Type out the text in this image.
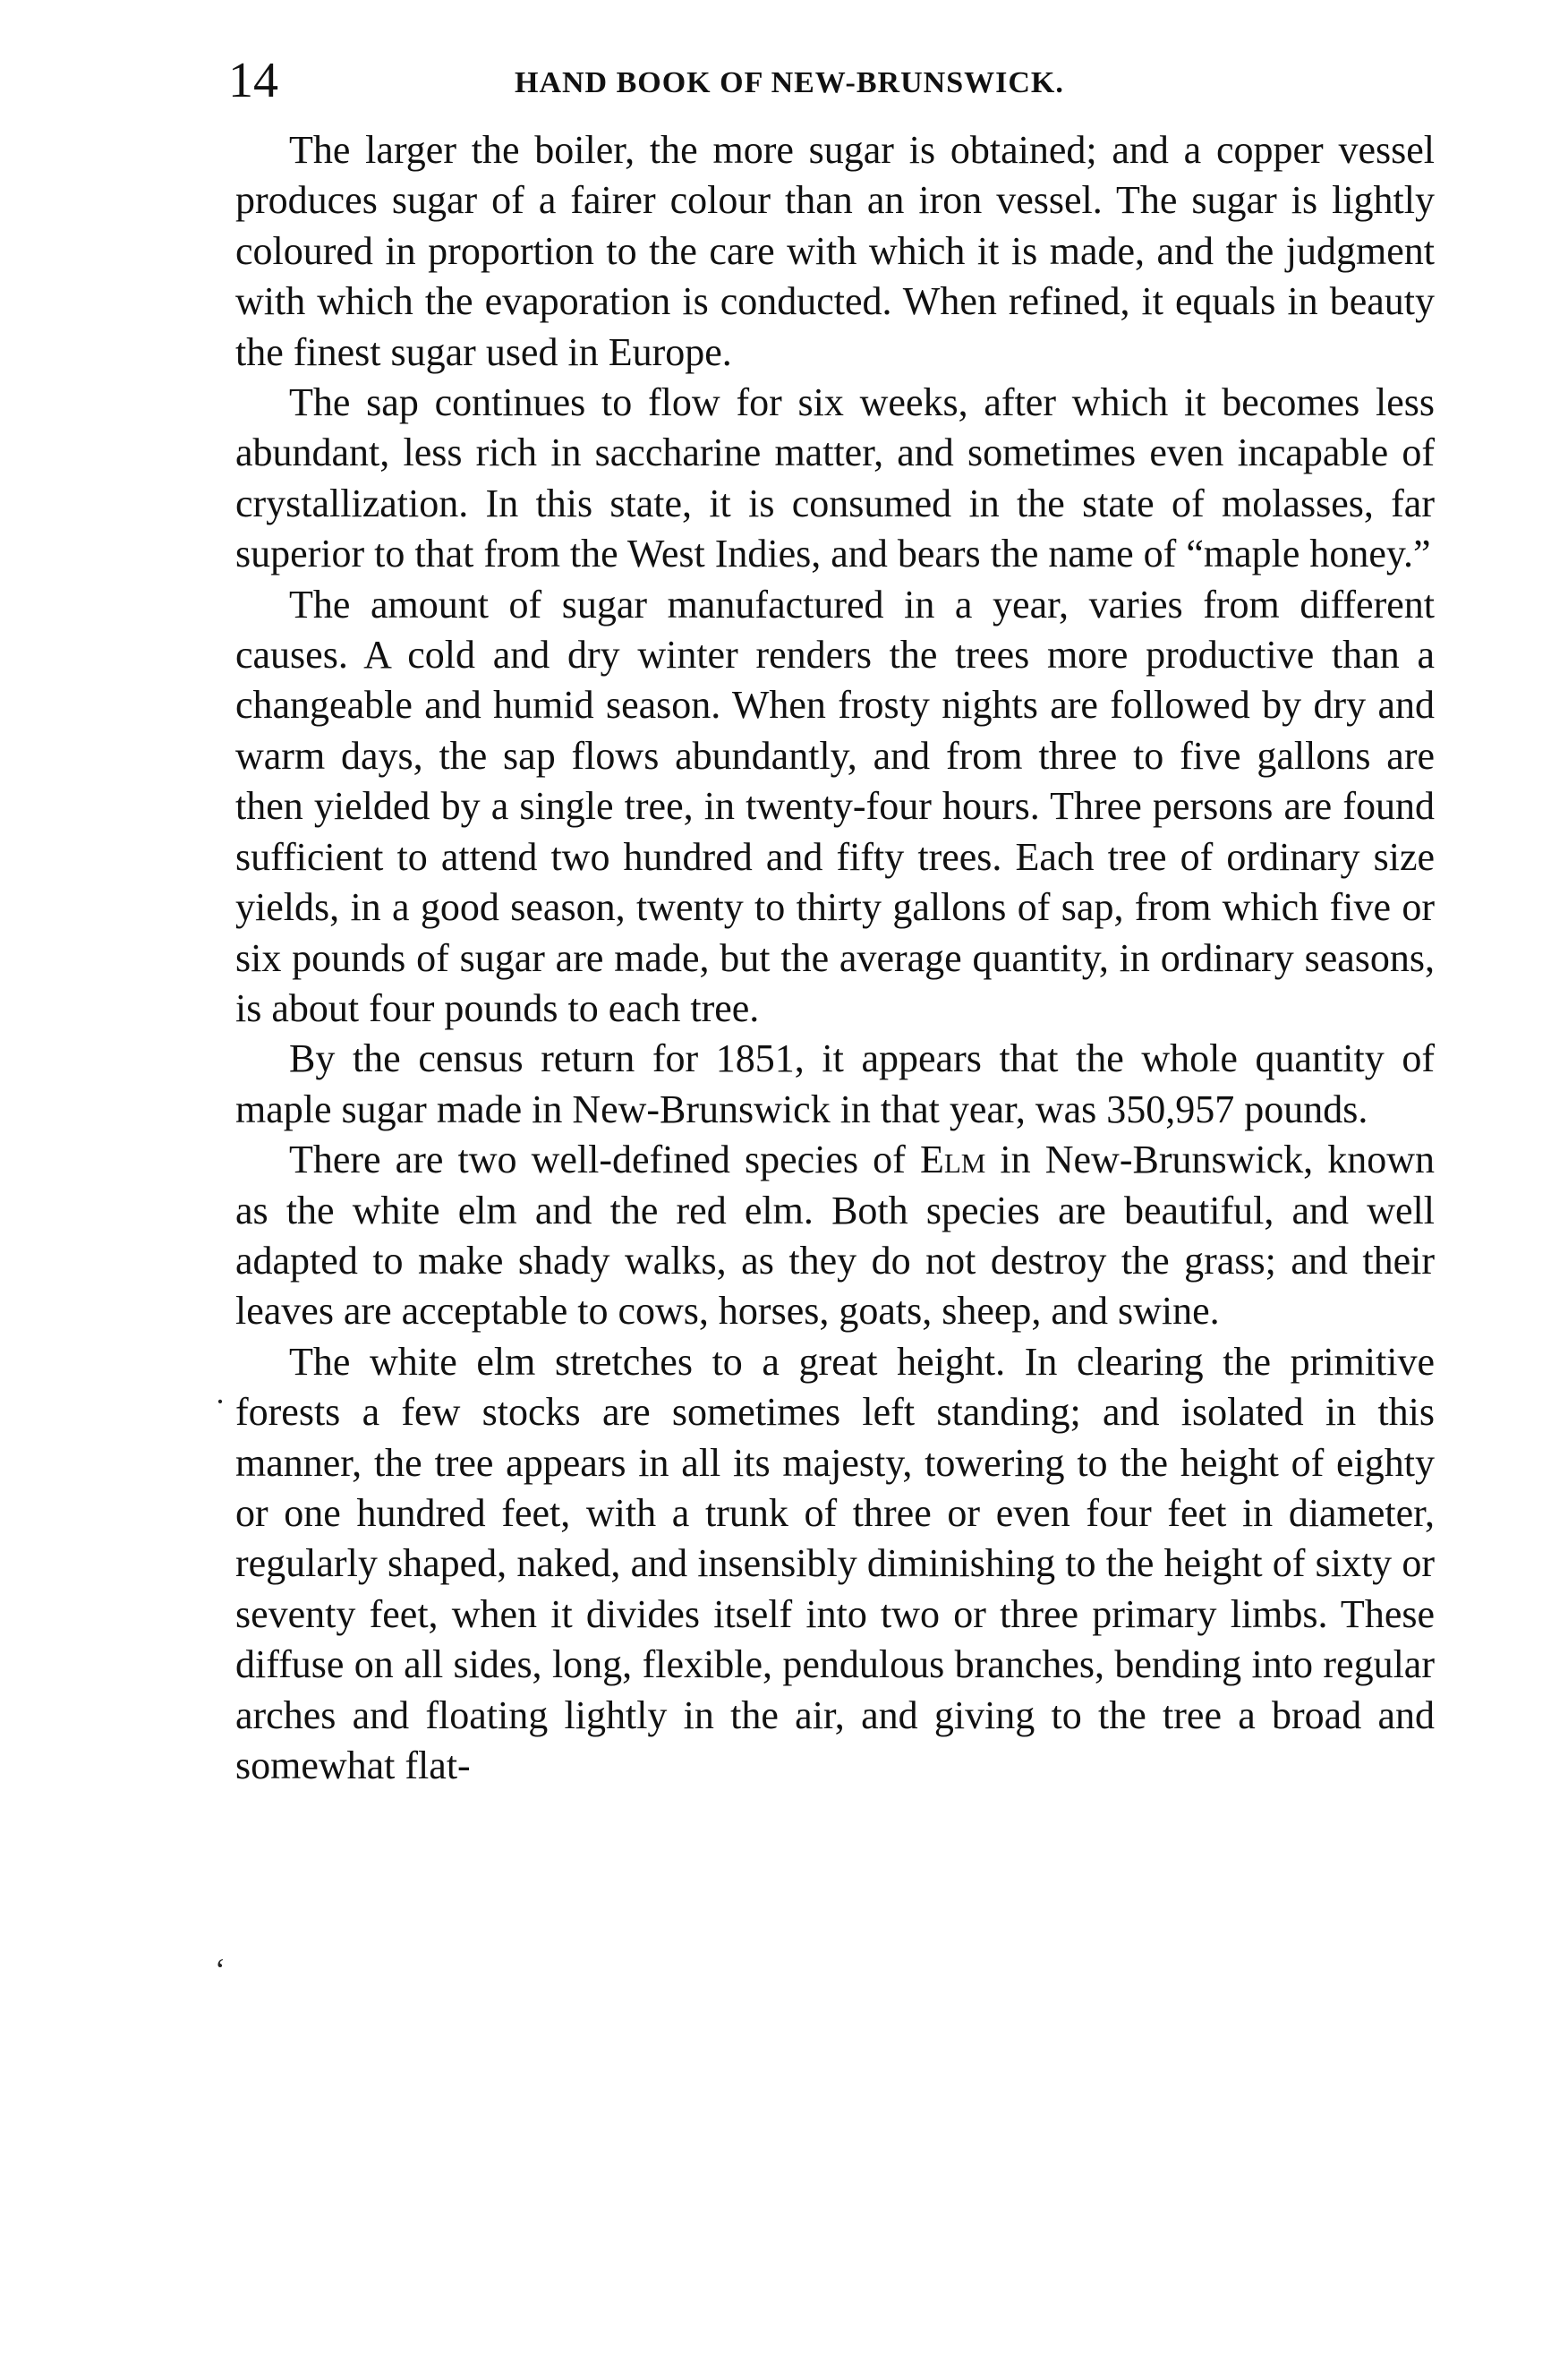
14	HAND BOOK OF NEW-BRUNSWICK.

The larger the boiler, the more sugar is obtained; and a copper vessel produces sugar of a fairer colour than an iron vessel. The sugar is lightly coloured in proportion to the care with which it is made, and the judgment with which the evaporation is conducted. When refined, it equals in beauty the finest sugar used in Europe.

The sap continues to flow for six weeks, after which it becomes less abundant, less rich in saccharine matter, and sometimes even incapable of crystallization. In this state, it is consumed in the state of molasses, far superior to that from the West Indies, and bears the name of “maple honey.”

The amount of sugar manufactured in a year, varies from different causes. A cold and dry winter renders the trees more productive than a changeable and humid season. When frosty nights are followed by dry and warm days, the sap flows abundantly, and from three to five gallons are then yielded by a single tree, in twenty-four hours. Three persons are found sufficient to attend two hundred and fifty trees. Each tree of ordinary size yields, in a good season, twenty to thirty gallons of sap, from which five or six pounds of sugar are made, but the average quantity, in ordinary seasons, is about four pounds to each tree.

By the census return for 1851, it appears that the whole quantity of maple sugar made in New-Brunswick in that year, was 350,957 pounds.

There are two well-defined species of Elm in New-Brunswick, known as the white elm and the red elm. Both species are beautiful, and well adapted to make shady walks, as they do not destroy the grass; and their leaves are acceptable to cows, horses, goats, sheep, and swine.

The white elm stretches to a great height. In clearing the primitive forests a few stocks are sometimes left standing; and isolated in this manner, the tree appears in all its majesty, towering to the height of eighty or one hundred feet, with a trunk of three or even four feet in diameter, regularly shaped, naked, and insensibly diminishing to the height of sixty or seventy feet, when it divides itself into two or three primary limbs. These diffuse on all sides, long, flexible, pendulous branches, bending into regular arches and floating lightly in the air, and giving to the tree a broad and somewhat flat-

·
ʻ
